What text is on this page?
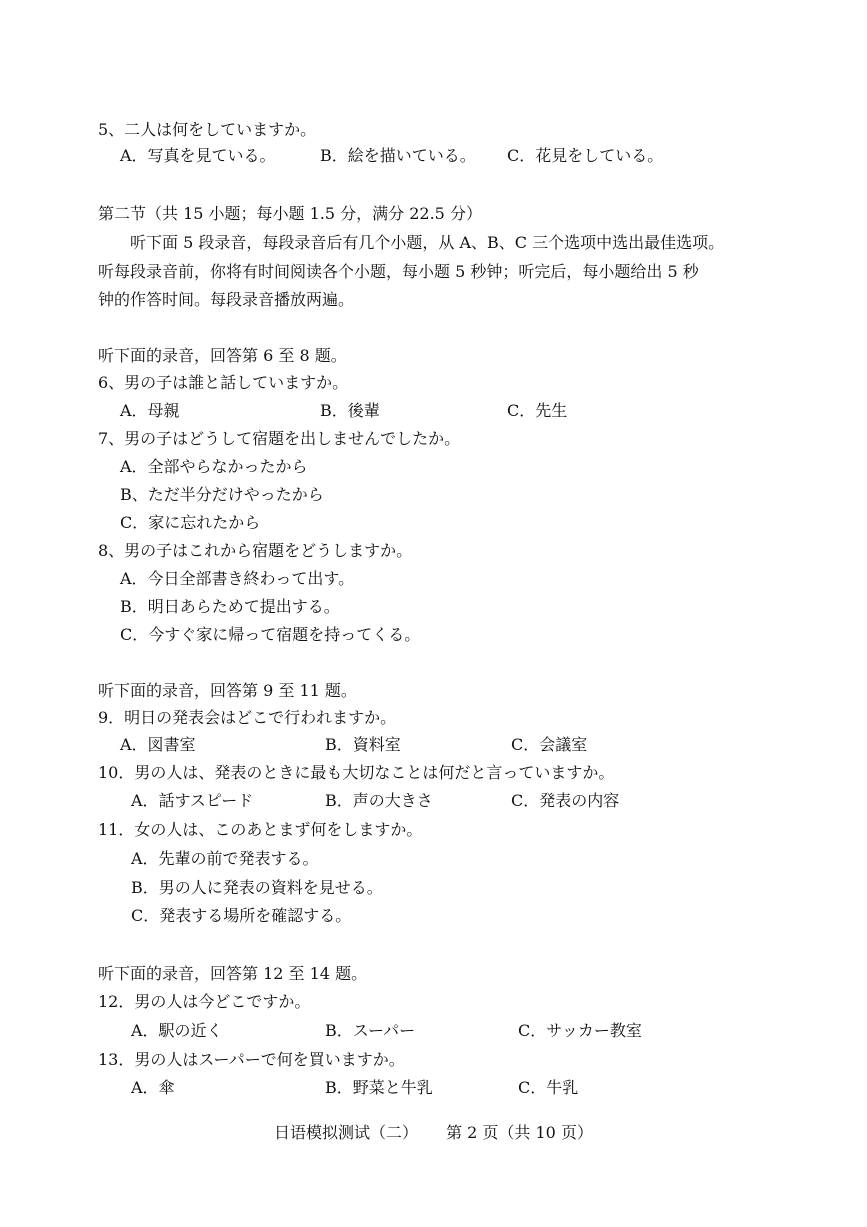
5、二人は何をしていますか。
A．写真を見ている。	B．絵を描いている。 C．花見をしている。
第二节（共 15 小题；每小题 1.5 分，满分 22.5 分）
听下面 5 段录音，每段录音后有几个小题，从 A、B、C 三个选项中选出最佳选项。
听每段录音前，你将有时间阅读各个小题，每小题 5 秒钟；听完后，每小题给出 5 秒
钟的作答时间。每段录音播放两遍。
听下面的录音，回答第 6 至 8 题。
6、男の子は誰と話していますか。
A．母親	B．後輩	C．先生
7、男の子はどうして宿題を出しませんでしたか。
A．全部やらなかったから
B、ただ半分だけやったから
C．家に忘れたから
8、男の子はこれから宿題をどうしますか。
A．今日全部書き終わって出す。
B．明日あらためて提出する。
C．今すぐ家に帰って宿題を持ってくる。
听下面的录音，回答第 9 至 11 题。
9．明日の発表会はどこで行われますか。
A．図書室	B．資料室	C．会議室
10．男の人は、発表のときに最も大切なことは何だと言っていますか。
A．話すスピード	B．声の大きさ	C．発表の内容
11．女の人は、このあとまず何をしますか。
A．先輩の前で発表する。
B．男の人に発表の資料を見せる。
C．発表する場所を確認する。
听下面的录音，回答第 12 至 14 题。
12．男の人は今どこですか。
A．駅の近く	B．スーパー	C．サッカー教室
13．男の人はスーパーで何を買いますか。
A．傘	B．野菜と牛乳	C．牛乳
日语模拟测试（二） 第 2 页（共 10 页）
